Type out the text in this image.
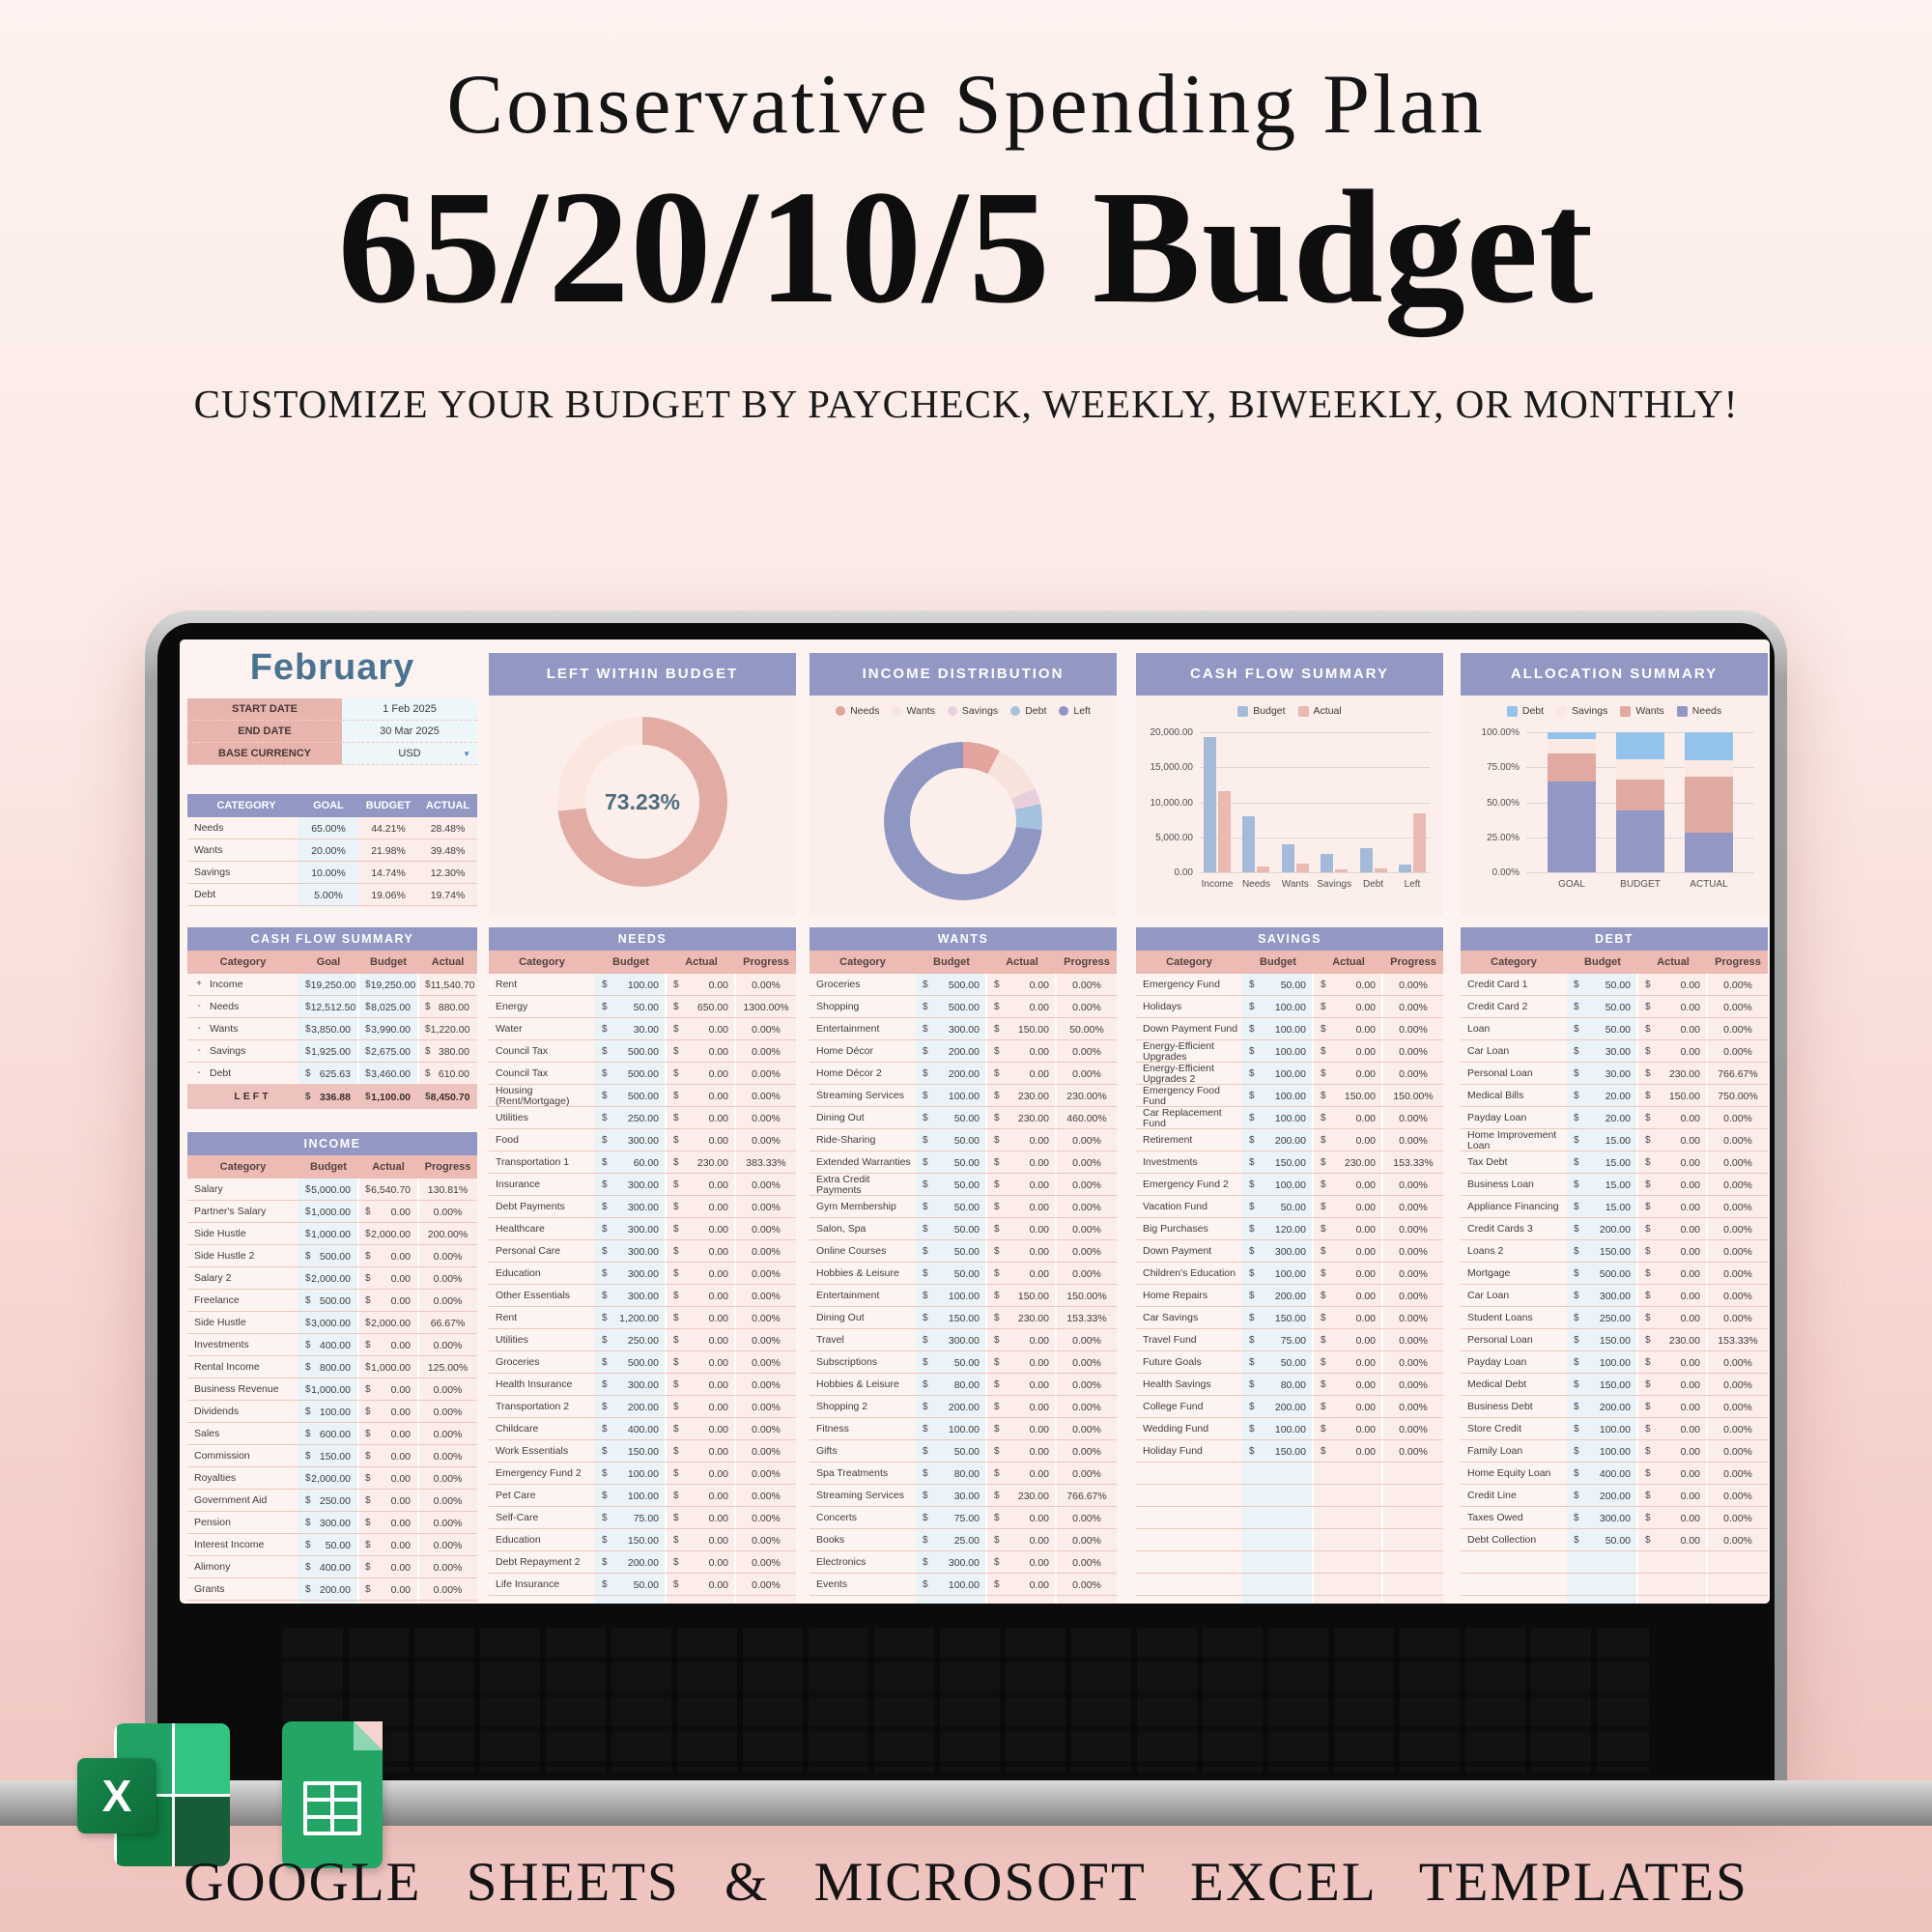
Conservative Spending Plan
65/20/10/5 Budget
CUSTOMIZE YOUR BUDGET BY PAYCHECK, WEEKLY, BIWEEKLY, OR MONTHLY!
February
START DATE	1 Feb 2025
END DATE	30 Mar 2025
BASE CURRENCY	USD	▼
CATEGORY	GOAL	BUDGET	ACTUAL
Needs	65.00%	44.21%	28.48%
Wants	20.00%	21.98%	39.48%
Savings	10.00%	14.74%	12.30%
Debt	5.00%	19.06%	19.74%
CASH FLOW SUMMARY
Category	Goal	Budget	Actual
+ Income	$ 19,250.00 $ 19,250.00 $ 11,540.70
- Needs	$ 12,512.50 $ 8,025.00 $ 880.00
- Wants	$ 3,850.00 $ 3,990.00 $ 1,220.00
- Savings	$ 1,925.00 $ 2,675.00 $ 380.00
- Debt	$ 625.63 $ 3,460.00 $ 610.00
LEFT	$ 336.88 $ 1,100.00 $ 8,450.70
INCOME
Category	Budget	Actual	Progress
Salary	$ 5,000.00 $ 6,540.70	130.81%
Partner's Salary	$ 1,000.00 $ 0.00	0.00%
Side Hustle	$ 1,000.00 $ 2,000.00	200.00%
Side Hustle 2	$ 500.00 $ 0.00	0.00%
Salary 2	$ 2,000.00 $ 0.00	0.00%
Freelance	$ 500.00 $ 0.00	0.00%
Side Hustle	$ 3,000.00 $ 2,000.00	66.67%
Investments	$ 400.00 $ 0.00	0.00%
Rental Income	$ 800.00 $ 1,000.00	125.00%
Business Revenue	$ 1,000.00 $ 0.00	0.00%
Dividends	$ 100.00 $ 0.00	0.00%
Sales	$ 600.00 $ 0.00	0.00%
Commission	$ 150.00 $ 0.00	0.00%
Royalties	$ 2,000.00 $ 0.00	0.00%
Government Aid	$ 250.00 $ 0.00	0.00%
Pension	$ 300.00 $ 0.00	0.00%
Interest Income	$ 50.00 $ 0.00	0.00%
Alimony	$ 400.00 $ 0.00	0.00%
Grants	$ 200.00 $ 0.00	0.00%
LEFT WITHIN BUDGET
73.23%
INCOME DISTRIBUTION
Needs	Wants	Savings	Debt	Left
CASH FLOW SUMMARY
Budget	Actual
20,000.00
15,000.00
10,000.00
5,000.00
0.00
Income Needs Wants Savings Debt Left
ALLOCATION SUMMARY
Debt	Savings	Wants	Needs
100.00%
75.00%
50.00%
25.00%
0.00%
GOAL	BUDGET	ACTUAL
NEEDS
Category	Budget	Actual	Progress
Rent	$ 100.00 $	0.00	0.00%
Energy	$	50.00 $ 650.00	1300.00%
Water	$	30.00 $	0.00	0.00%
Council Tax	$ 500.00 $	0.00	0.00%
Council Tax	$ 500.00 $	0.00	0.00%
Housing (Rent/Mortgage)	$ 500.00 $	0.00	0.00%
Utilities	$ 250.00 $	0.00	0.00%
Food	$ 300.00 $	0.00	0.00%
Transportation 1	$	60.00 $ 230.00	383.33%
Insurance	$ 300.00 $	0.00	0.00%
Debt Payments	$ 300.00 $	0.00	0.00%
Healthcare	$ 300.00 $	0.00	0.00%
Personal Care	$ 300.00 $	0.00	0.00%
Education	$ 300.00 $	0.00	0.00%
Other Essentials	$ 300.00 $	0.00	0.00%
Rent	$ 1,200.00 $	0.00	0.00%
Utilities	$ 250.00 $	0.00	0.00%
Groceries	$ 500.00 $	0.00	0.00%
Health Insurance	$ 300.00 $	0.00	0.00%
Transportation 2	$ 200.00 $	0.00	0.00%
Childcare	$ 400.00 $	0.00	0.00%
Work Essentials	$ 150.00 $	0.00	0.00%
Emergency Fund 2	$ 100.00 $	0.00	0.00%
Pet Care	$ 100.00 $	0.00	0.00%
Self-Care	$	75.00 $	0.00	0.00%
Education	$ 150.00 $	0.00	0.00%
Debt Repayment 2	$ 200.00 $	0.00	0.00%
Life Insurance	$	50.00 $	0.00	0.00%
WANTS
Category	Budget	Actual	Progress
Groceries	$ 500.00 $	0.00	0.00%
Shopping	$ 500.00 $	0.00	0.00%
Entertainment	$ 300.00 $ 150.00	50.00%
Home Décor	$ 200.00 $	0.00	0.00%
Home Décor 2	$ 200.00 $	0.00	0.00%
Streaming Services	$ 100.00 $ 230.00	230.00%
Dining Out	$	50.00 $ 230.00	460.00%
Ride-Sharing	$	50.00 $	0.00	0.00%
Extended Warranties	$	50.00 $	0.00	0.00%
Extra Credit Payments	$	50.00 $	0.00	0.00%
Gym Membership	$	50.00 $	0.00	0.00%
Salon, Spa	$	50.00 $	0.00	0.00%
Online Courses	$	50.00 $	0.00	0.00%
Hobbies & Leisure	$	50.00 $	0.00	0.00%
Entertainment	$ 100.00 $ 150.00	150.00%
Dining Out	$ 150.00 $ 230.00	153.33%
Travel	$ 300.00 $	0.00	0.00%
Subscriptions	$	50.00 $	0.00	0.00%
Hobbies & Leisure	$	80.00 $	0.00	0.00%
Shopping 2	$ 200.00 $	0.00	0.00%
Fitness	$ 100.00 $	0.00	0.00%
Gifts	$	50.00 $	0.00	0.00%
Spa Treatments	$	80.00 $	0.00	0.00%
Streaming Services	$	30.00 $ 230.00	766.67%
Concerts	$	75.00 $	0.00	0.00%
Books	$	25.00 $	0.00	0.00%
Electronics	$ 300.00 $	0.00	0.00%
Events	$ 100.00 $	0.00	0.00%
SAVINGS
Category	Budget	Actual	Progress
Emergency Fund	$	50.00 $	0.00	0.00%
Holidays	$ 100.00 $	0.00	0.00%
Down Payment Fund	$ 100.00 $	0.00	0.00%
Energy-Efficient Upgrades	$ 100.00 $	0.00	0.00%
Energy-Efficient Upgrades 2	$ 100.00 $	0.00	0.00%
Emergency Food Fund	$ 100.00 $ 150.00	150.00%
Car Replacement Fund	$ 100.00 $	0.00	0.00%
Retirement	$ 200.00 $	0.00	0.00%
Investments	$ 150.00 $ 230.00	153.33%
Emergency Fund 2	$ 100.00 $	0.00	0.00%
Vacation Fund	$	50.00 $	0.00	0.00%
Big Purchases	$ 120.00 $	0.00	0.00%
Down Payment	$ 300.00 $	0.00	0.00%
Children's Education	$ 100.00 $	0.00	0.00%
Home Repairs	$ 200.00 $	0.00	0.00%
Car Savings	$ 150.00 $	0.00	0.00%
Travel Fund	$	75.00 $	0.00	0.00%
Future Goals	$	50.00 $	0.00	0.00%
Health Savings	$	80.00 $	0.00	0.00%
College Fund	$ 200.00 $	0.00	0.00%
Wedding Fund	$ 100.00 $	0.00	0.00%
Holiday Fund	$ 150.00 $	0.00	0.00%
DEBT
Category	Budget	Actual	Progress
Credit Card 1	$	50.00 $	0.00	0.00%
Credit Card 2	$	50.00 $	0.00	0.00%
Loan	$	50.00 $	0.00	0.00%
Car Loan	$	30.00 $	0.00	0.00%
Personal Loan	$	30.00 $ 230.00	766.67%
Medical Bills	$	20.00 $ 150.00	750.00%
Payday Loan	$	20.00 $	0.00	0.00%
Home Improvement Loan	$	15.00 $	0.00	0.00%
Tax Debt	$	15.00 $	0.00	0.00%
Business Loan	$	15.00 $	0.00	0.00%
Appliance Financing	$	15.00 $	0.00	0.00%
Credit Cards 3	$ 200.00 $	0.00	0.00%
Loans 2	$ 150.00 $	0.00	0.00%
Mortgage	$ 500.00 $	0.00	0.00%
Car Loan	$ 300.00 $	0.00	0.00%
Student Loans	$ 250.00 $	0.00	0.00%
Personal Loan	$ 150.00 $ 230.00	153.33%
Payday Loan	$ 100.00 $	0.00	0.00%
Medical Debt	$ 150.00 $	0.00	0.00%
Business Debt	$ 200.00 $	0.00	0.00%
Store Credit	$ 100.00 $	0.00	0.00%
Family Loan	$ 100.00 $	0.00	0.00%
Home Equity Loan	$ 400.00 $	0.00	0.00%
Credit Line	$ 200.00 $	0.00	0.00%
Taxes Owed	$ 300.00 $	0.00	0.00%
Debt Collection	$	50.00 $	0.00	0.00%
X
GOOGLE SHEETS & MICROSOFT EXCEL TEMPLATES
